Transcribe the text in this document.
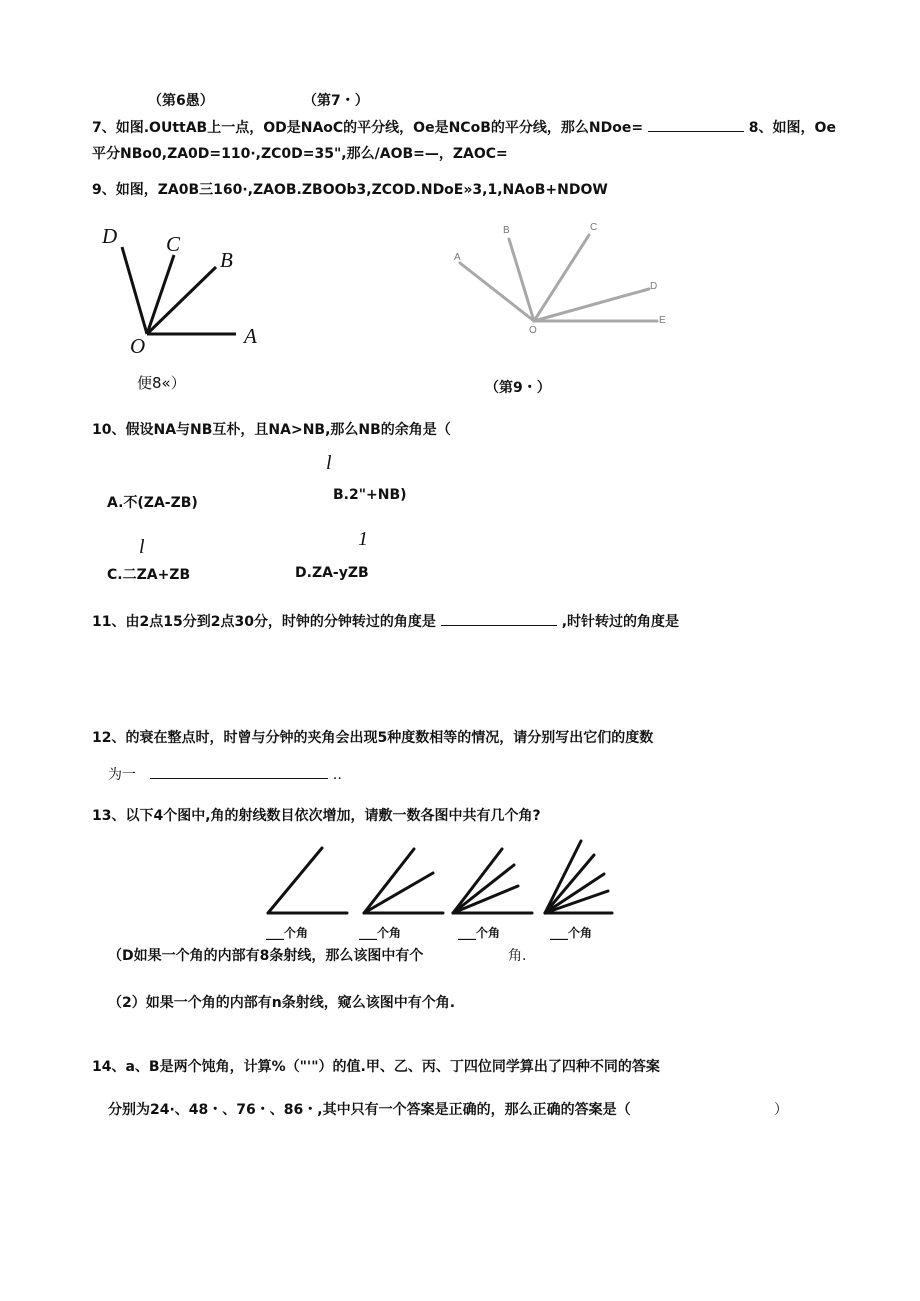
（第6愚）	（第7・）
7、如图.OUttAB上一点，OD是NAoC的平分线，Oe是NCoB的平分线，那么NDoe=	8、如图，Oe
平分NBo0,ZA0D=110·,ZC0D=35",那么/AOB=—，ZAOC=
9、如图，ZA0B三160·,ZAOB.ZBOOb3,ZCOD.NDoE»3,1,NAoB+NDOW
D C
B
A
O
便8«）
A
B	C
D
E
O
（第9・）
10、假设NA与NB互朴，且NA>NB,那么NB的余角是（
l
A.不(ZA-ZB)	B.2"+NB)
l	1
C.二ZA+ZB	D.ZA-yZB
11、由2点15分到2点30分，时钟的分钟转过的角度是	,时针转过的角度是
12、的衰在整点时，时曾与分钟的夹角会出现5种度数相等的情况，请分别写出它们的度数
为一	..
13、以下4个图中,角的射线数目依次增加，请敷一数各图中共有几个角?
___个角	___个角	___个角	___个角
（D如果一个角的内部有8条射线，那么该图中有个	角.
（2）如果一个角的内部有n条射线，窥么该图中有个角.
14、a、B是两个饨角，计算%（"'"）的值.甲、乙、丙、丁四位同学算出了四种不同的答案
分别为24·、48・、76・、86・,其中只有一个答案是正确的，那么正确的答案是（	）
